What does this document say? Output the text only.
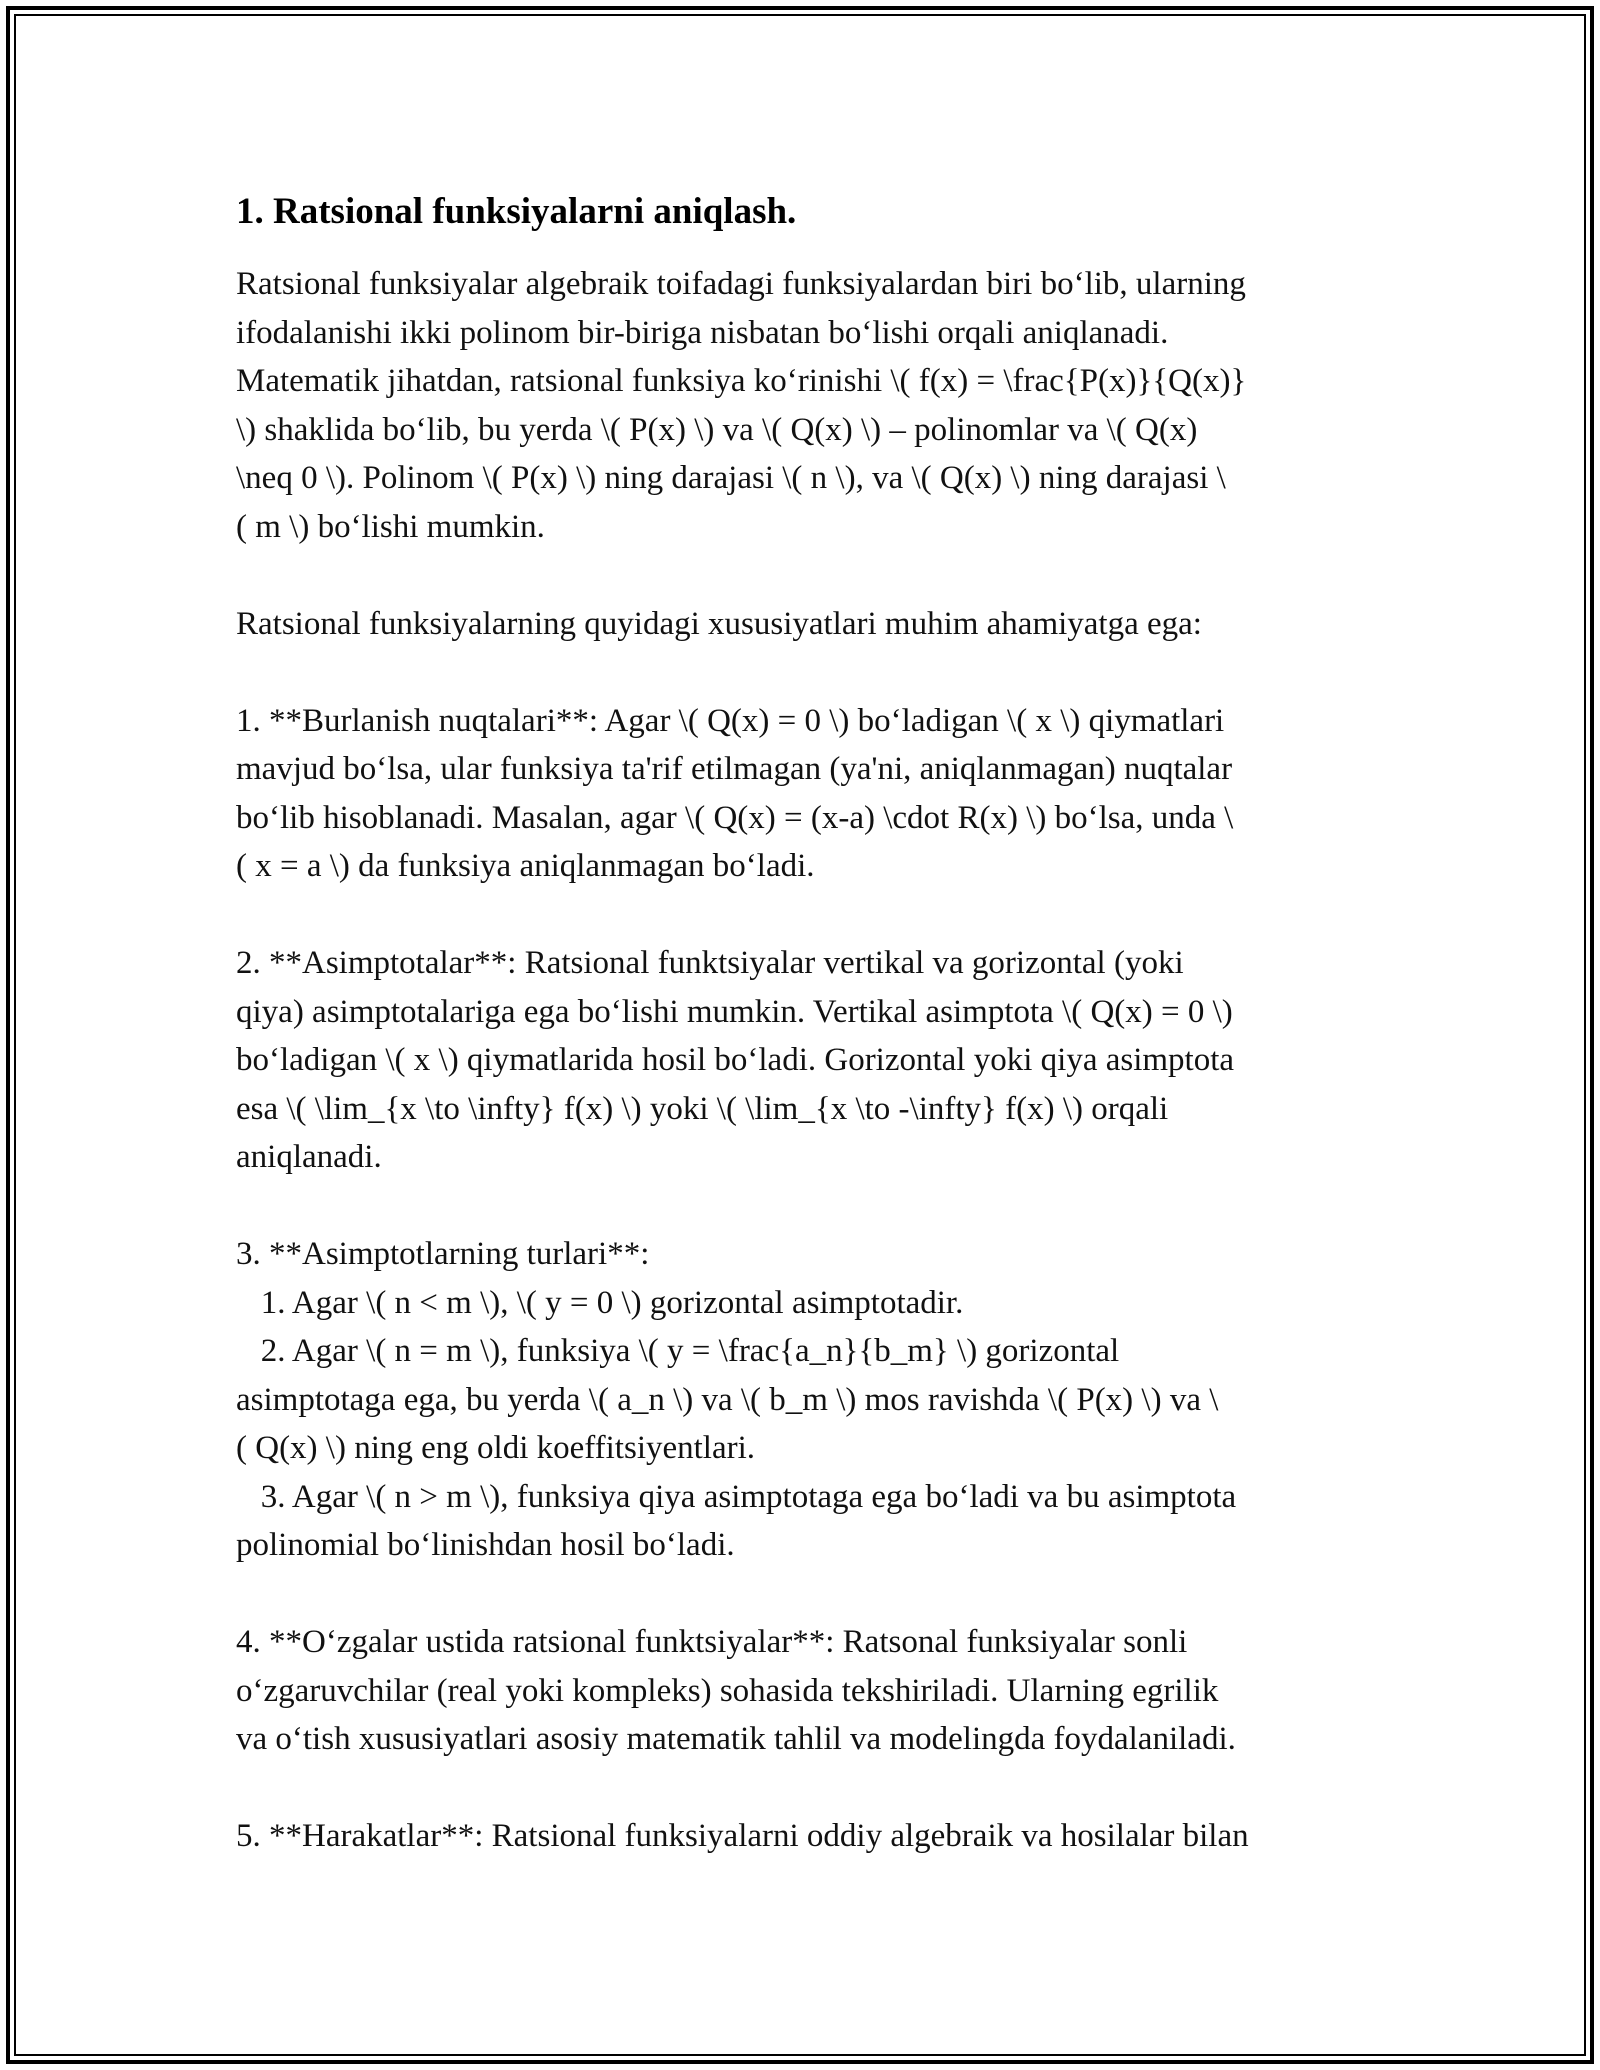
1. Ratsional funksiyalarni aniqlash.
Ratsional funksiyalar algebraik toifadagi funksiyalardan biri bo‘lib, ularning
ifodalanishi ikki polinom bir-biriga nisbatan bo‘lishi orqali aniqlanadi.
Matematik jihatdan, ratsional funksiya ko‘rinishi \( f(x) = \frac{P(x)}{Q(x)}
\) shaklida bo‘lib, bu yerda \( P(x) \) va \( Q(x) \) – polinomlar va \( Q(x)
\neq 0 \). Polinom \( P(x) \) ning darajasi \( n \), va \( Q(x) \) ning darajasi \
( m \) bo‘lishi mumkin.
Ratsional funksiyalarning quyidagi xususiyatlari muhim ahamiyatga ega:
1. **Burlanish nuqtalari**: Agar \( Q(x) = 0 \) bo‘ladigan \( x \) qiymatlari
mavjud bo‘lsa, ular funksiya ta'rif etilmagan (ya'ni, aniqlanmagan) nuqtalar
bo‘lib hisoblanadi. Masalan, agar \( Q(x) = (x-a) \cdot R(x) \) bo‘lsa, unda \
( x = a \) da funksiya aniqlanmagan bo‘ladi.
2. **Asimptotalar**: Ratsional funktsiyalar vertikal va gorizontal (yoki
qiya) asimptotalariga ega bo‘lishi mumkin. Vertikal asimptota \( Q(x) = 0 \)
bo‘ladigan \( x \) qiymatlarida hosil bo‘ladi. Gorizontal yoki qiya asimptota
esa \( \lim_{x \to \infty} f(x) \) yoki \( \lim_{x \to -\infty} f(x) \) orqali
aniqlanadi.
3. **Asimptotlarning turlari**:
1. Agar \( n < m \), \( y = 0 \) gorizontal asimptotadir.
2. Agar \( n = m \), funksiya \( y = \frac{a_n}{b_m} \) gorizontal
asimptotaga ega, bu yerda \( a_n \) va \( b_m \) mos ravishda \( P(x) \) va \
( Q(x) \) ning eng oldi koeffitsiyentlari.
3. Agar \( n > m \), funksiya qiya asimptotaga ega bo‘ladi va bu asimptota
polinomial bo‘linishdan hosil bo‘ladi.
4. **O‘zgalar ustida ratsional funktsiyalar**: Ratsonal funksiyalar sonli
o‘zgaruvchilar (real yoki kompleks) sohasida tekshiriladi. Ularning egrilik
va o‘tish xususiyatlari asosiy matematik tahlil va modelingda foydalaniladi.
5. **Harakatlar**: Ratsional funksiyalarni oddiy algebraik va hosilalar bilan
